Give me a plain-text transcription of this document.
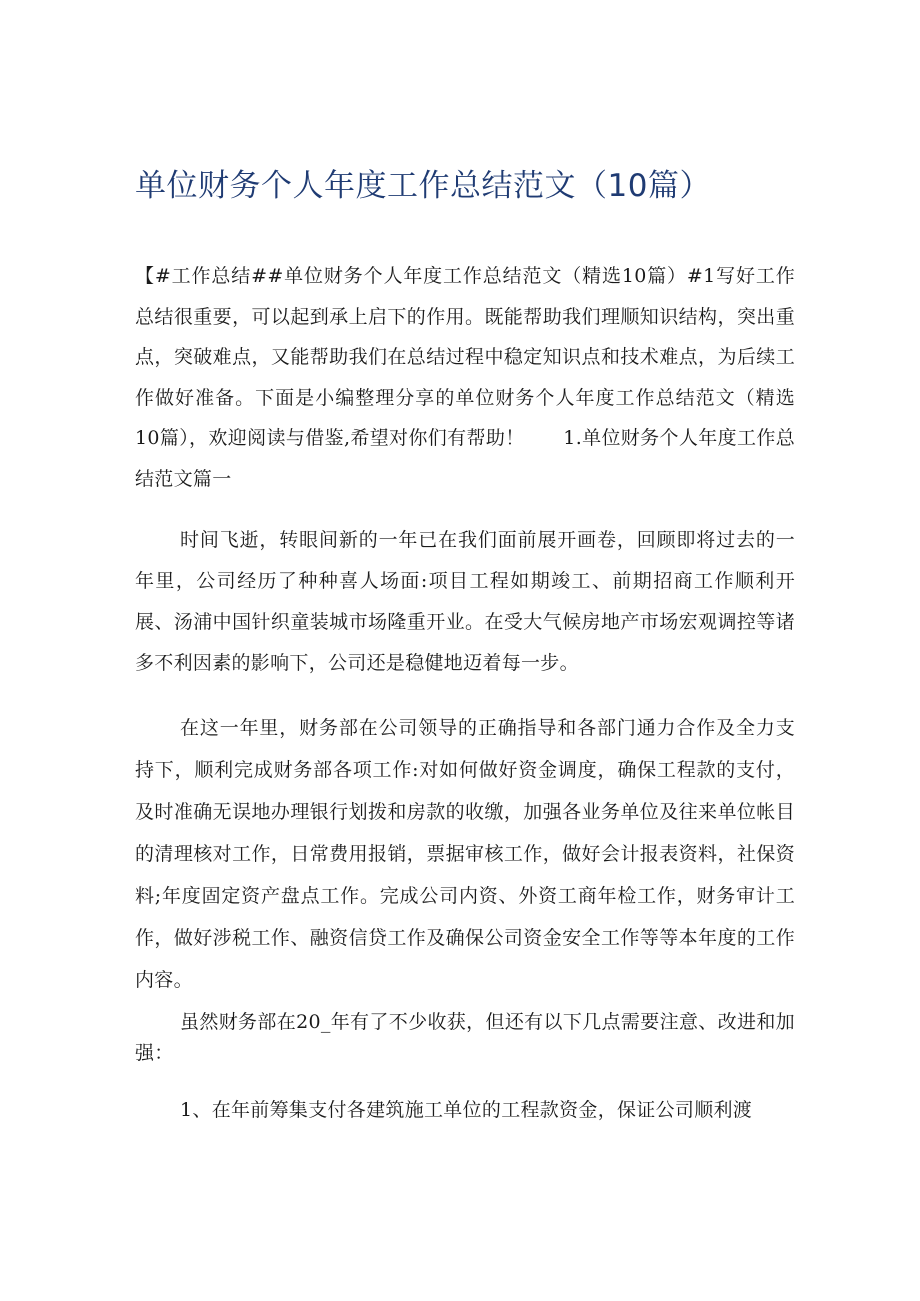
单位财务个人年度工作总结范文（10篇）

【#工作总结##单位财务个人年度工作总结范文（精选10篇）#1写好工作总结很重要，可以起到承上启下的作用。既能帮助我们理顺知识结构，突出重点，突破难点，又能帮助我们在总结过程中稳定知识点和技术难点，为后续工作做好准备。下面是小编整理分享的单位财务个人年度工作总结范文（精选10篇），欢迎阅读与借鉴,希望对你们有帮助！　　1.单位财务个人年度工作总结范文篇一

时间飞逝，转眼间新的一年已在我们面前展开画卷，回顾即将过去的一年里，公司经历了种种喜人场面:项目工程如期竣工、前期招商工作顺利开展、汤浦中国针织童装城市场隆重开业。在受大气候房地产市场宏观调控等诸多不利因素的影响下，公司还是稳健地迈着每一步。

在这一年里，财务部在公司领导的正确指导和各部门通力合作及全力支持下，顺利完成财务部各项工作:对如何做好资金调度，确保工程款的支付，及时准确无误地办理银行划拨和房款的收缴，加强各业务单位及往来单位帐目的清理核对工作，日常费用报销，票据审核工作，做好会计报表资料，社保资料;年度固定资产盘点工作。完成公司内资、外资工商年检工作，财务审计工作，做好涉税工作、融资信贷工作及确保公司资金安全工作等等本年度的工作内容。

虽然财务部在20_年有了不少收获，但还有以下几点需要注意、改进和加强：

1、在年前筹集支付各建筑施工单位的工程款资金，保证公司顺利渡
